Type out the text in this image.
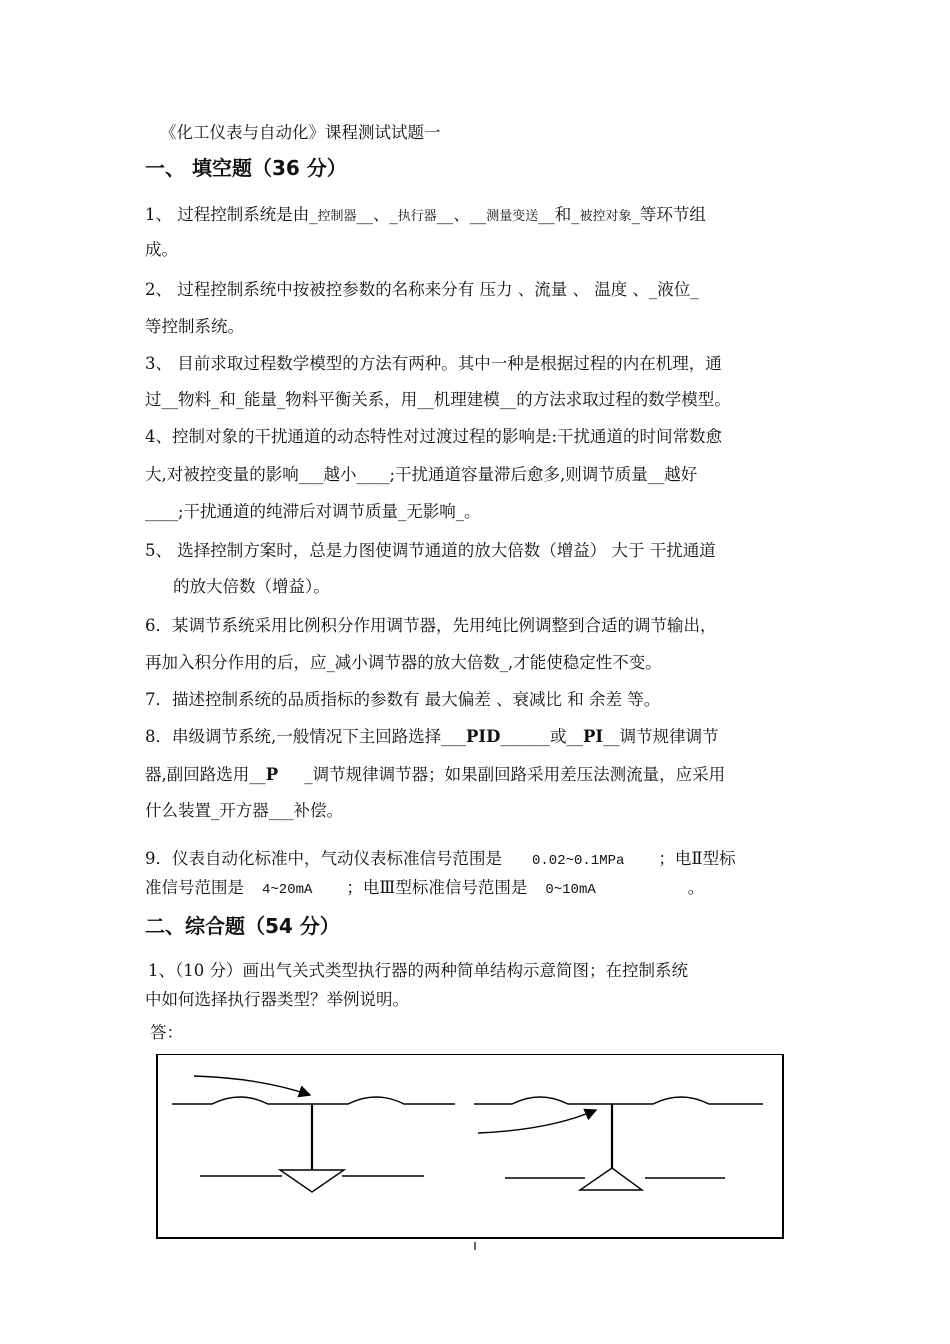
《化工仪表与自动化》课程测试试题一
一、 填空题（36 分）
1、 过程控制系统是由_控制器__、_执行器__、__测量变送__和_被控对象_等环节组
成。
2、 过程控制系统中按被控参数的名称来分有 压力 、流量 、 温度 、_液位_
等控制系统。
3、 目前求取过程数学模型的方法有两种。其中一种是根据过程的内在机理，通
过__物料_和_能量_物料平衡关系，用__机理建模__的方法求取过程的数学模型。
4、控制对象的干扰通道的动态特性对过渡过程的影响是:干扰通道的时间常数愈
大,对被控变量的影响___越小____;干扰通道容量滞后愈多,则调节质量__越好
____;干扰通道的纯滞后对调节质量_无影响_。
5、 选择控制方案时，总是力图使调节通道的放大倍数（增益） 大于 干扰通道
的放大倍数（增益）。
6．某调节系统采用比例积分作用调节器，先用纯比例调整到合适的调节输出，
再加入积分作用的后，应_减小调节器的放大倍数_,才能使稳定性不变。
7．描述控制系统的品质指标的参数有 最大偏差 、衰减比 和 余差 等。
8．串级调节系统,一般情况下主回路选择___PID______或__PI__调节规律调节
器,副回路选用__P     _调节规律调节器；如果副回路采用差压法测流量，应采用
什么装置_开方器___补偿。
9．仪表自动化标准中，气动仪表标准信号范围是 0.02~0.1MPa ；电Ⅱ型标
准信号范围是 4~20mA ；电Ⅲ型标准信号范围是 0~10mA	。
二、综合题（54 分）
1、（10 分）画出气关式类型执行器的两种简单结构示意简图；在控制系统
中如何选择执行器类型？举例说明。
答：
